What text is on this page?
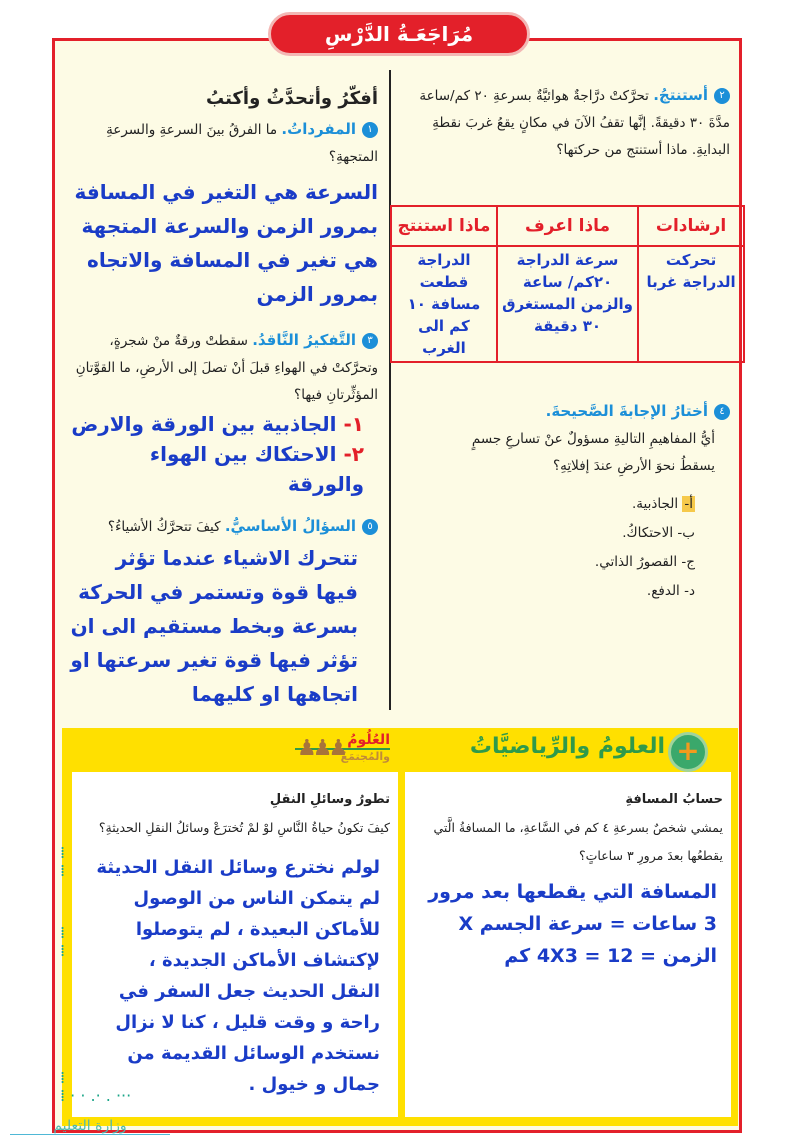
مُرَاجَعَـةُ الدَّرْسِ
أفكّرُ وأتحدَّثُ وأكتبُ
١المفرداتُ. ما الفرقُ بينَ السرعةِ والسرعةِ المتجهةِ؟
السرعة هي التغير في المسافة بمرور الزمن والسرعة المتجهة هي تغير في المسافة والاتجاه بمرور الزمن
٣التَّفكيرُ النَّاقدُ. سقطتْ ورقةٌ منْ شجرةٍ، وتحرَّكتْ في الهواءِ قبلَ أنْ تصلَ إلى الأرضِ، ما القوَّتانِ المؤثِّرتانِ فيها؟
١- الجاذبية بين الورقة والارض
٢- الاحتكاك بين الهواء والورقة
٥السؤالُ الأساسيُّ. كيفَ تتحرَّكُ الأشياءُ؟
تتحرك الاشياء عندما تؤثر فيها قوة وتستمر في الحركة بسرعة وبخط مستقيم الى ان تؤثر فيها قوة تغير سرعتها او اتجاهها او كليهما
٢أستنتجُ. تحرَّكتْ درَّاجةٌ هوائيَّةٌ بسرعةِ ٢٠ كم/ساعة مدَّةَ ٣٠ دقيقةً. إنَّها تقفُ الآنَ في مكانٍ يقعُ غربَ نقطةِ البدايةِ. ماذا أستنتج من حركتها؟
ارشادات	ماذا اعرف	ماذا استنتج
تحركت الدراجة غربا	سرعة الدراجة ٢٠كم/ ساعة والزمن المستغرق ٣٠ دقيقة	الدراجة قطعت مسافة ١٠ كم الى الغرب
٤أختارُ الإجابةَ الصَّحيحةَ.
أيُّ المفاهيمِ التاليةِ مسؤولٌ عنْ تسارعِ جسمٍ يسقطُ نحوَ الأرضِ عندَ إفلاتِهِ؟
أ- الجاذبية.
ب- الاحتكاكُ.
ج- القصورُ الذاتي.
د- الدفع.
+
العلومُ والرِّياضيَّاتُ
العُلُومُ
والمُجتمَعُ
♟♟♟
حسابُ المسافةِ
يمشي شخصٌ بسرعةِ ٤ كم في السَّاعةِ، ما المسافةُ الَّتي يقطعُها بعدَ مرورِ ٣ ساعاتٍ؟
المسافة التي يقطعها بعد مرور 3 ساعات = سرعة الجسم X الزمن = 4X3 = 12 كم
تطورُ وسائلِ النقلِ
كيفَ تكونُ حياةُ النَّاسِ لوْ لمْ تُخترَعْ وسائلُ النقلِ الحديثةِ؟
لولم نخترع وسائل النقل الحديثة لم يتمكن الناس من الوصول للأماكن البعيدة ، لم يتوصلوا لإكتشاف الأماكن الجديدة ، النقل الحديث جعل السفر في راحة و وقت قليل ، كنا لا نزال نستخدم الوسائل القديمة من جمال و خيول .
⁞

⁞
⁞

⁞
⁞

⁞ · · .· . ···
وزارة التعليم
